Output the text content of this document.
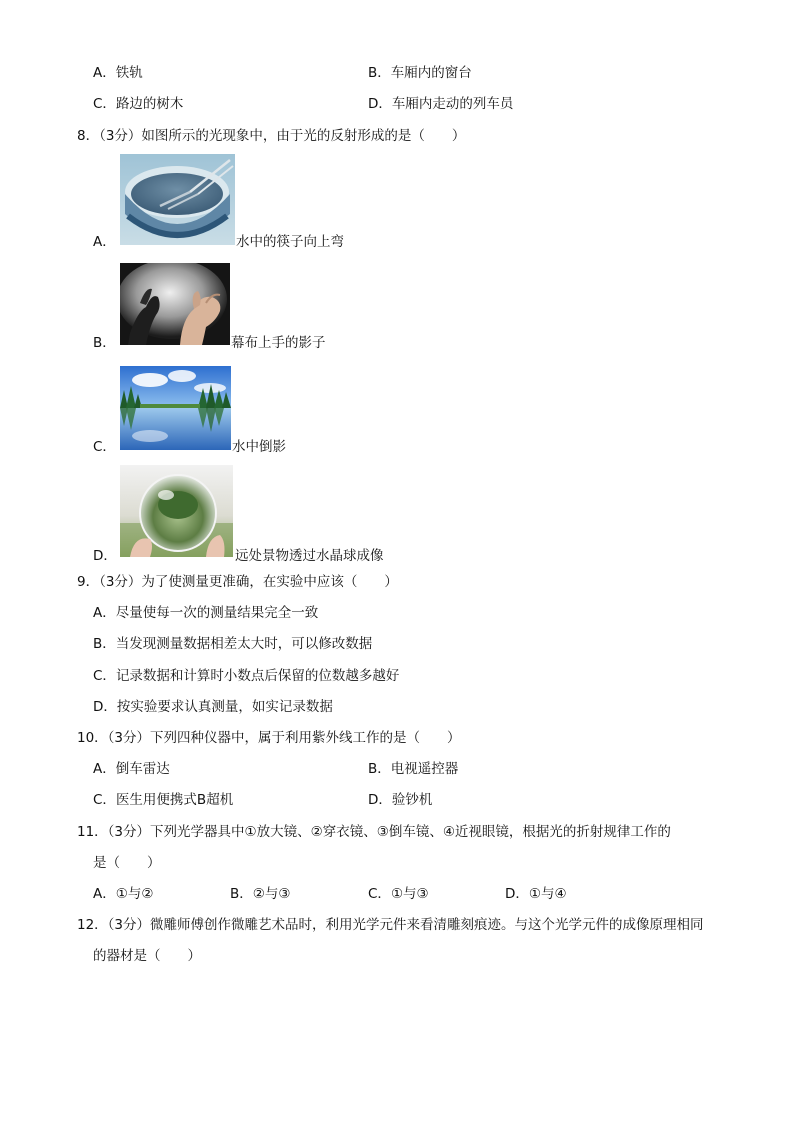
A．铁轨	B．车厢内的窗台
C．路边的树木	D．车厢内走动的列车员
8．（3分）如图所示的光现象中，由于光的反射形成的是（　　）
A．	水中的筷子向上弯
B．	幕布上手的影子
C．	水中倒影
D．	远处景物透过水晶球成像
9．（3分）为了使测量更准确，在实验中应该（　　）
A．尽量使每一次的测量结果完全一致
B．当发现测量数据相差太大时，可以修改数据
C．记录数据和计算时小数点后保留的位数越多越好
D．按实验要求认真测量，如实记录数据
10．（3分）下列四种仪器中，属于利用紫外线工作的是（　　）
A．倒车雷达	B．电视遥控器
C．医生用便携式B超机	D．验钞机
11．（3分）下列光学器具中①放大镜、②穿衣镜、③倒车镜、④近视眼镜，根据光的折射规律工作的
是（　　）
A．①与②	B．②与③	C．①与③	D．①与④
12．（3分）微雕师傅创作微雕艺术品时，利用光学元件来看清雕刻痕迹。与这个光学元件的成像原理相同
的器材是（　　）
